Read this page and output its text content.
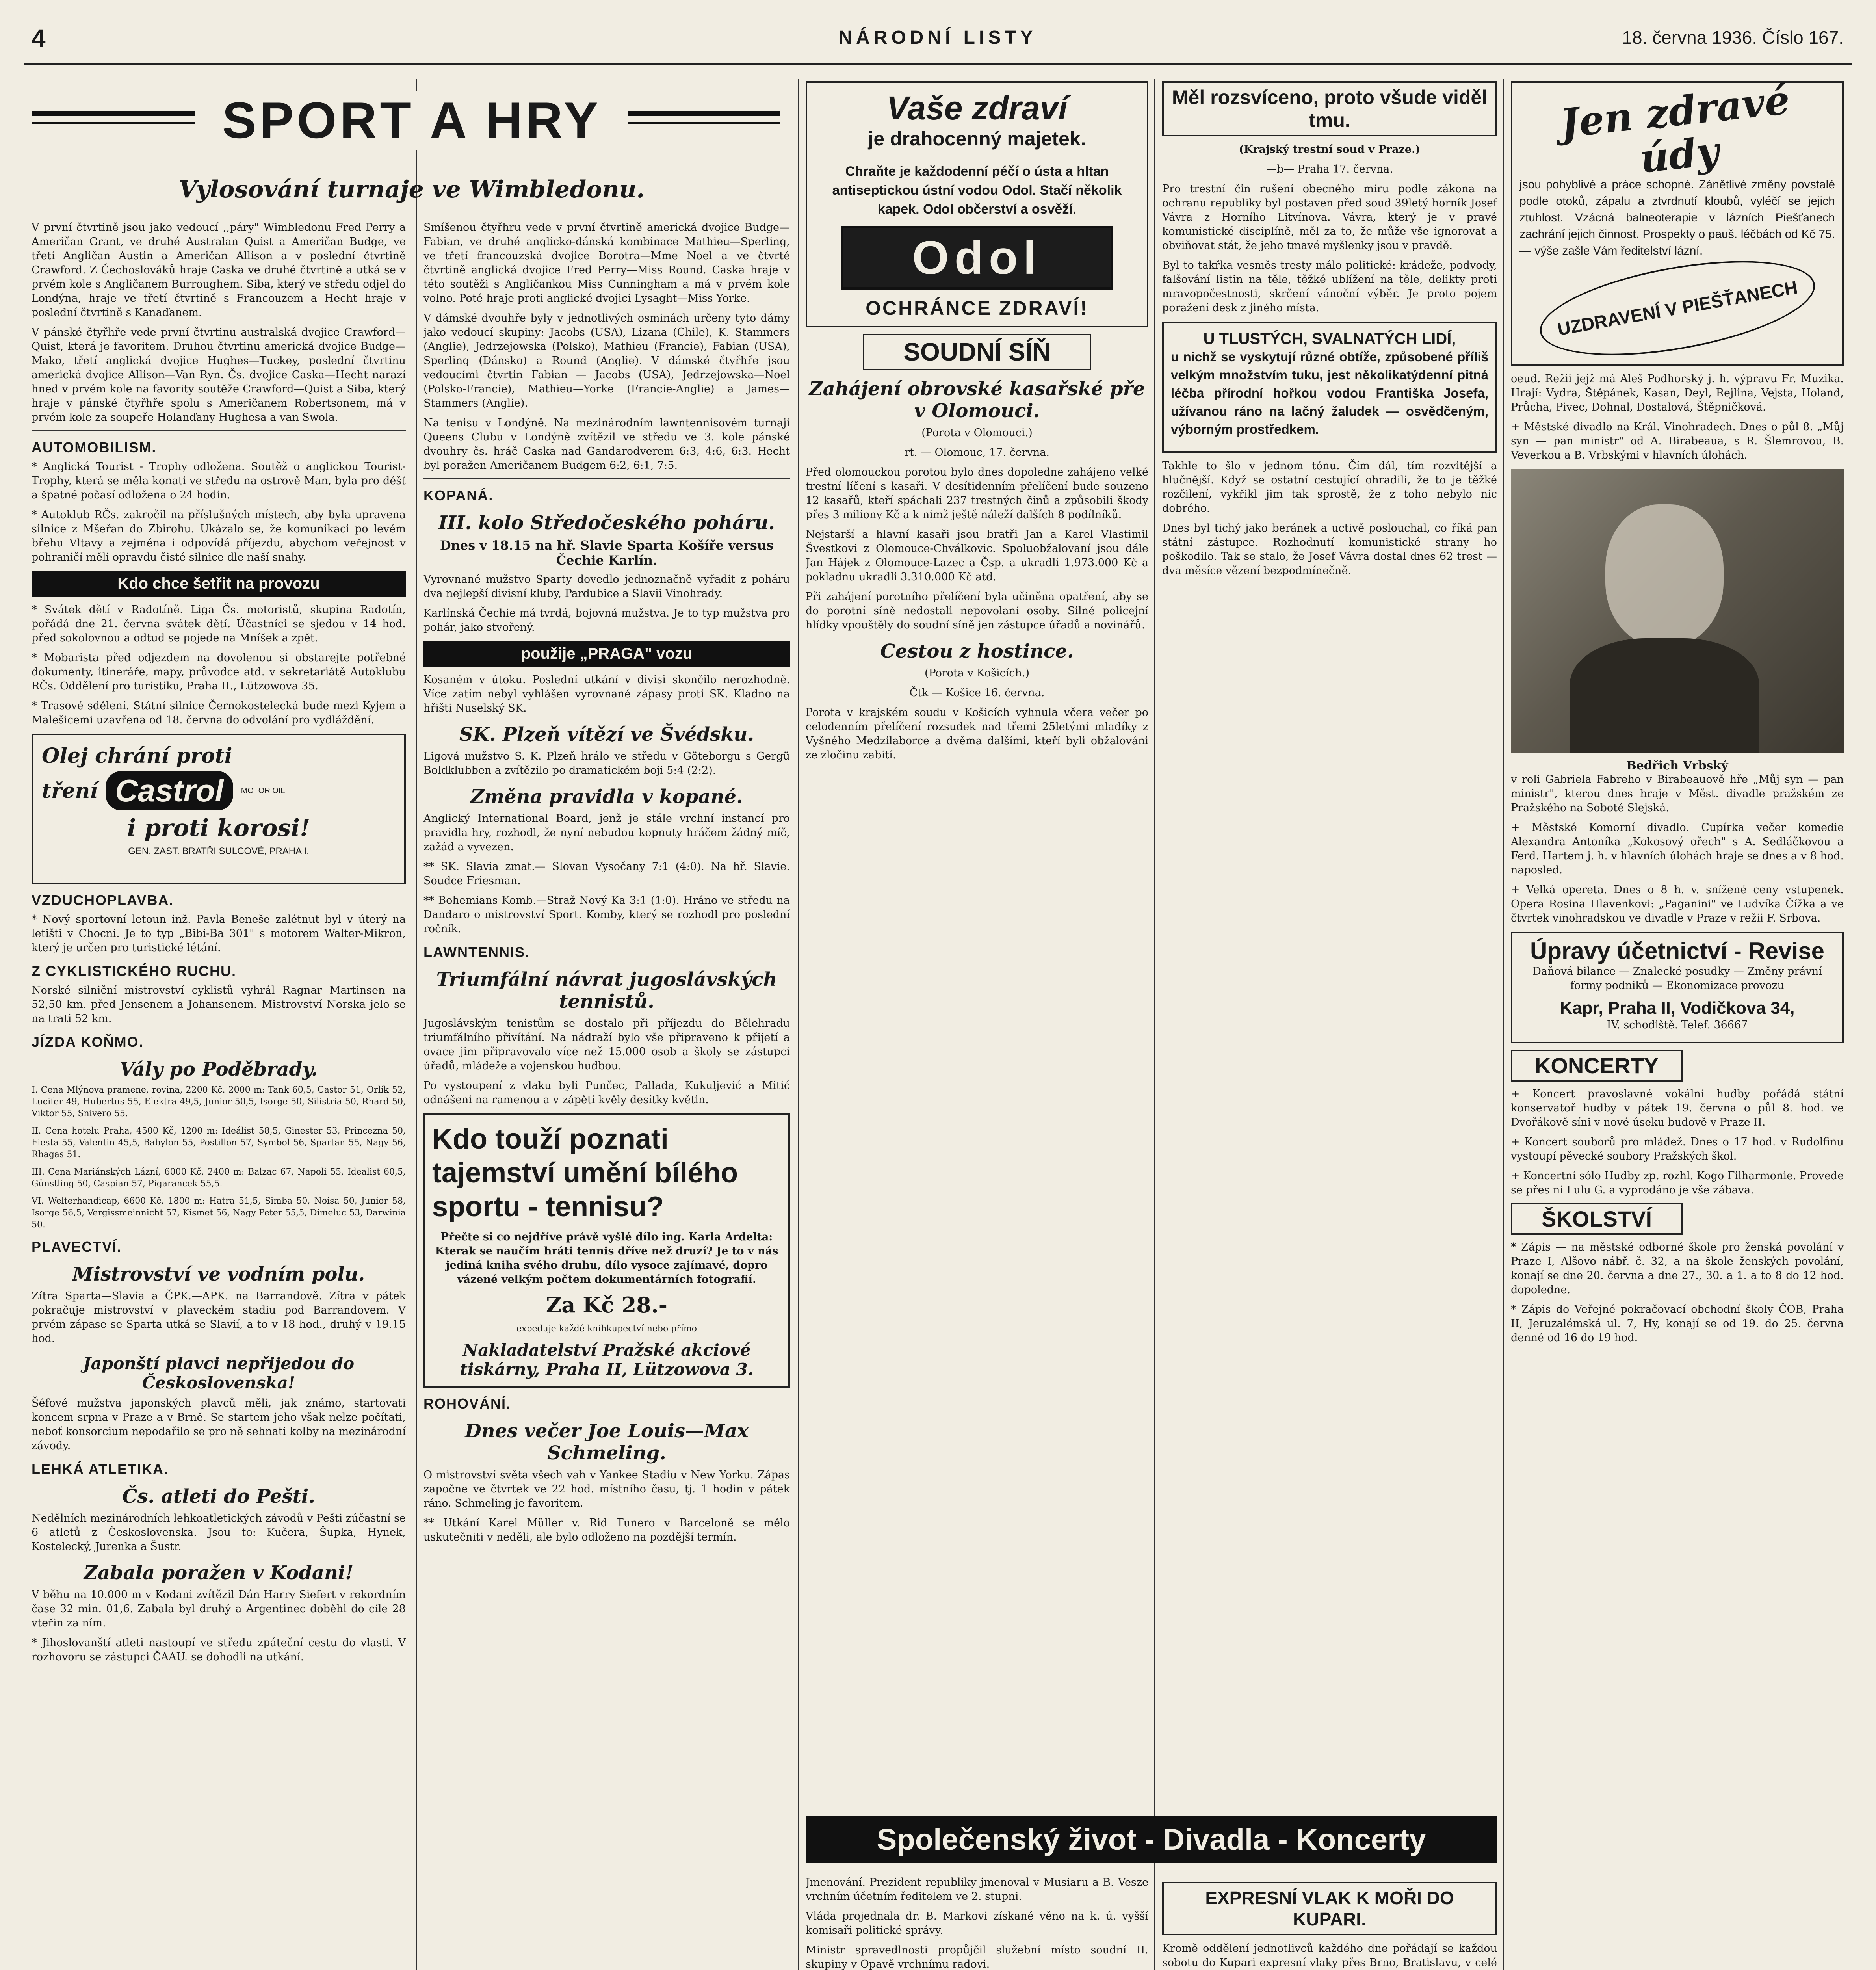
4	NÁRODNÍ LISTY	18. června 1936. Číslo 167.
SPORT A HRY
Vylosování turnaje ve Wimbledonu.

V první čtvrtině jsou jako vedoucí ,,páry" Wimbledonu Fred Perry a Američan Grant, ve druhé Australan Quist a Američan Budge, ve třetí Angličan Austin a Američan Allison a v poslední čtvrtině Crawford. Z Čechoslováků hraje Caska ve druhé čtvrtině a utká se v prvém kole s Angličanem Burroughem. Siba, který ve středu odjel do Londýna, hraje ve třetí čtvrtině s Francouzem a Hecht hraje v poslední čtvrtině s Kanaďanem.

V pánské čtyřhře vede první čtvrtinu australská dvojice Crawford—Quist, která je favoritem. Druhou čtvrtinu americká dvojice Budge—Mako, třetí anglická dvojice Hughes—Tuckey, poslední čtvrtinu americká dvojice Allison—Van Ryn. Čs. dvojice Caska—Hecht narazí hned v prvém kole na favority soutěže Crawford—Quist a Siba, který hraje v pánské čtyřhře spolu s Američanem Robertsonem, má v prvém kole za soupeře Holanďany Hughesa a van Swola.

AUTOMOBILISM.

* Anglická Tourist - Trophy odložena. Soutěž o anglickou Tourist-Trophy, která se měla konati ve středu na ostrově Man, byla pro déšť a špatné počasí odložena o 24 hodin.

* Autoklub RČs. zakročil na příslušných místech, aby byla upravena silnice z Mšeřan do Zbirohu. Ukázalo se, že komunikaci po levém břehu Vltavy a zejména i odpovídá příjezdu, abychom veřejnost v pohraničí měli opravdu čisté silnice dle naší snahy.

Kdo chce šetřit na provozu

* Svátek dětí v Radotíně. Liga Čs. motoristů, skupina Radotín, pořádá dne 21. června svátek dětí. Účastníci se sjedou v 14 hod. před sokolovnou a odtud se pojede na Mníšek a zpět.

* Mobarista před odjezdem na dovolenou si obstarejte potřebné dokumenty, itineráře, mapy, průvodce atd. v sekretariátě Autoklubu RČs. Oddělení pro turistiku, Praha II., Lützowova 35.

* Trasové sdělení. Státní silnice Černokostelecká bude mezi Kyjem a Malešicemi uzavřena od 18. června do odvolání pro vydláždění.

Olej chrání proti
tření Castrol	MOTOR OIL
i proti korosi!
GEN. ZAST. BRATŘI SULCOVÉ, PRAHA I.
VZDUCHOPLAVBA.

* Nový sportovní letoun inž. Pavla Beneše zalétnut byl v úterý na letišti v Chocni. Je to typ „Bibi-Ba 301" s motorem Walter-Mikron, který je určen pro turistické létání.

Z CYKLISTICKÉHO RUCHU.

Norské silniční mistrovství cyklistů vyhrál Ragnar Martinsen na 52,50 km. před Jensenem a Johansenem. Mistrovství Norska jelo se na trati 52 km.

JÍZDA KOŇMO.
Vály po Poděbrady.

I. Cena Mlýnova pramene, rovina, 2200 Kč. 2000 m: Tank 60,5, Castor 51, Orlík 52, Lucifer 49, Hubertus 55, Elektra 49,5, Junior 50,5, Isorge 50, Silistria 50, Rhard 50, Viktor 55, Snivero 55.

II. Cena hotelu Praha, 4500 Kč, 1200 m: Ideálist 58,5, Ginester 53, Princezna 50, Fiesta 55, Valentin 45,5, Babylon 55, Postillon 57, Symbol 56, Spartan 55, Nagy 56, Rhagas 51.

III. Cena Mariánských Lázní, 6000 Kč, 2400 m: Balzac 67, Napoli 55, Idealist 60,5, Günstling 50, Caspian 57, Pigarancek 55,5.

VI. Welterhandicap, 6600 Kč, 1800 m: Hatra 51,5, Simba 50, Noisa 50, Junior 58, Isorge 56,5, Vergissmeinnicht 57, Kismet 56, Nagy Peter 55,5, Dimeluc 53, Darwinia 50.

PLAVECTVÍ.
Mistrovství ve vodním polu.

Zítra Sparta—Slavia a ČPK.—APK. na Barrandově. Zítra v pátek pokračuje mistrovství v plaveckém stadiu pod Barrandovem. V prvém zápase se Sparta utká se Slavií, a to v 18 hod., druhý v 19.15 hod.

Japonští plavci nepřijedou do Československa!

Šéfové mužstva japonských plavců měli, jak známo, startovati koncem srpna v Praze a v Brně. Se startem jeho však nelze počítati, neboť konsorcium nepodařilo se pro ně sehnati kolby na mezinárodní závody.

LEHKÁ ATLETIKA.
Čs. atleti do Pešti.

Nedělních mezinárodních lehkoatletických závodů v Pešti zúčastní se 6 atletů z Československa. Jsou to: Kučera, Šupka, Hynek, Kostelecký, Jurenka a Šustr.

Zabala poražen v Kodani!

V běhu na 10.000 m v Kodani zvítězil Dán Harry Siefert v rekordním čase 32 min. 01,6. Zabala byl druhý a Argentinec doběhl do cíle 28 vteřin za ním.

* Jihoslovanští atleti nastoupí ve středu zpáteční cestu do vlasti. V rozhovoru se zástupci ČAAU. se dohodli na utkání.

Smíšenou čtyřhru vede v první čtvrtině americká dvojice Budge—Fabian, ve druhé anglicko-dánská kombinace Mathieu—Sperling, ve třetí francouzská dvojice Borotra—Mme Noel a ve čtvrté čtvrtině anglická dvojice Fred Perry—Miss Round. Caska hraje v této soutěži s Angličankou Miss Cunningham a má v prvém kole volno. Poté hraje proti anglické dvojici Lysaght—Miss Yorke.

V dámské dvouhře byly v jednotlivých osminách určeny tyto dámy jako vedoucí skupiny: Jacobs (USA), Lizana (Chile), K. Stammers (Anglie), Jedrzejowska (Polsko), Mathieu (Francie), Fabian (USA), Sperling (Dánsko) a Round (Anglie). V dámské čtyřhře jsou vedoucími čtvrtin Fabian — Jacobs (USA), Jedrzejowska—Noel (Polsko-Francie), Mathieu—Yorke (Francie-Anglie) a James—Stammers (Anglie).

Na tenisu v Londýně. Na mezinárodním lawntennisovém turnaji Queens Clubu v Londýně zvítězil ve středu ve 3. kole pánské dvouhry čs. hráč Caska nad Gandarodverem 6:3, 4:6, 6:3. Hecht byl poražen Američanem Budgem 6:2, 6:1, 7:5.

KOPANÁ.
III. kolo Středočeského poháru.
Dnes v 18.15 na hř. Slavie Sparta Košíře versus Čechie Karlín.

Vyrovnané mužstvo Sparty dovedlo jednoznačně vyřadit z poháru dva nejlepší divisní kluby, Pardubice a Slavii Vinohrady.

Karlínská Čechie má tvrdá, bojovná mužstva. Je to typ mužstva pro pohár, jako stvořený.

použije „PRAGA" vozu

Kosaném v útoku. Poslední utkání v divisi skončilo nerozhodně. Více zatím nebyl vyhlášen vyrovnané zápasy proti SK. Kladno na hřišti Nuselský SK.

SK. Plzeň vítězí ve Švédsku.

Ligová mužstvo S. K. Plzeň hrálo ve středu v Göteborgu s Gergü Boldklubben a zvítězilo po dramatickém boji 5:4 (2:2).

Změna pravidla v kopané.

Anglický International Board, jenž je stále vrchní instancí pro pravidla hry, rozhodl, že nyní nebudou kopnuty hráčem žádný míč, zažád a vyvezen.

** SK. Slavia zmat.— Slovan Vysočany 7:1 (4:0). Na hř. Slavie. Soudce Friesman.

** Bohemians Komb.—Straž Nový Ka 3:1 (1:0). Hráno ve středu na Dandaro o mistrovství Sport. Komby, který se rozhodl pro poslední ročník.

LAWNTENNIS.
Triumfální návrat jugoslávských tennistů.

Jugoslávským tenistům se dostalo při příjezdu do Bělehradu triumfálního přivítání. Na nádraží bylo vše připraveno k přijetí a ovace jim připravovalo více než 15.000 osob a školy se zástupci úřadů, mládeže a vojenskou hudbou.

Po vystoupení z vlaku byli Punčec, Pallada, Kukuljević a Mitić odnášeni na ramenou a v zápětí kvěly desítky květin.

Kdo touží poznati tajemství umění bílého sportu - tennisu?

Přečte si co nejdříve právě vyšlé dílo ing. Karla Ardelta: Kterak se naučím hráti tennis dříve než druzí? Je to v nás jediná kniha svého druhu, dílo vysoce zajímavé, dopro vázené velkým počtem dokumentárních fotografií.

Za Kč 28.-
expeduje každé knihkupectví nebo přímo
Nakladatelství Pražské akciové tiskárny, Praha II, Lützowova 3.
ROHOVÁNÍ.
Dnes večer Joe Louis—Max Schmeling.

O mistrovství světa všech vah v Yankee Stadiu v New Yorku. Zápas započne ve čtvrtek ve 22 hod. místního času, tj. 1 hodin v pátek ráno. Schmeling je favoritem.

** Utkání Karel Müller v. Rid Tunero v Barceloně se mělo uskutečniti v neděli, ale bylo odloženo na pozdější termín.

Vaše zdraví
je drahocenný majetek.

Chraňte je každodenní péčí o ústa a hltan antiseptickou ústní vodou Odol. Stačí několik kapek. Odol občerství a osvěží.

Odol
OCHRÁNCE ZDRAVÍ!
SOUDNÍ SÍŇ
Zahájení obrovské kasařské pře v Olomouci.
(Porota v Olomouci.)
rt. — Olomouc, 17. června.

Před olomouckou porotou bylo dnes dopoledne zahájeno velké trestní líčení s kasaři. V desítidenním přelíčení bude souzeno 12 kasařů, kteří spáchali 237 trestných činů a způsobili škody přes 3 miliony Kč a k nimž ještě náleží dalších 8 podílníků.

Nejstarší a hlavní kasaři jsou bratři Jan a Karel Vlastimil Švestkovi z Olomouce-Chválkovic. Spoluobžalovaní jsou dále Jan Hájek z Olomouce-Lazec a Čsp. a ukradli 1.973.000 Kč a pokladnu ukradli 3.310.000 Kč atd.

Při zahájení porotního přelíčení byla učiněna opatření, aby se do porotní síně nedostali nepovolaní osoby. Silné policejní hlídky vpouštěly do soudní síně jen zástupce úřadů a novinářů.

Cestou z hostince.
(Porota v Košicích.)
Čtk — Košice 16. června.

Porota v krajském soudu v Košicích vyhnula včera večer po celodenním přelíčení rozsudek nad třemi 25letými mladíky z Vyšného Medzilaborce a dvěma dalšími, kteří byli obžalováni ze zločinu zabití.

Měl rozsvíceno, proto všude viděl tmu.
(Krajský trestní soud v Praze.)
—b— Praha 17. června.

Pro trestní čin rušení obecného míru podle zákona na ochranu republiky byl postaven před soud 39letý horník Josef Vávra z Horního Litvínova. Vávra, který je v pravé komunistické disciplíně, měl za to, že může vše ignorovat a obviňovat stát, že jeho tmavé myšlenky jsou v pravdě.

Byl to takřka vesměs tresty málo politické: krádeže, podvody, falšování listin na těle, těžké ublížení na těle, delikty proti mravopočestnosti, skrčení vánoční výběr. Je proto pojem poražení desk z jiného místa.

U TLUSTÝCH, SVALNATÝCH LIDÍ,

u nichž se vyskytují různé obtíže, způsobené příliš velkým množstvím tuku, jest několikatýdenní pitná léčba přírodní hořkou vodou Františka Josefa, užívanou ráno na lačný žaludek — osvědčeným, výborným prostředkem.

Takhle to šlo v jednom tónu. Čím dál, tím rozvitější a hlučnější. Když se ostatní cestující ohradili, že to je těžké rozčilení, vykřikl jim tak sprostě, že z toho nebylo nic dobrého.

Dnes byl tichý jako beránek a uctivě poslouchal, co říká pan státní zástupce. Rozhodnutí komunistické strany ho poškodilo. Tak se stalo, že Josef Vávra dostal dnes 62 trest — dva měsíce vězení bezpodmínečně.

Jen zdravé údy

jsou pohyblivé a práce schopné. Zánětlivé změny povstalé podle otoků, zápalu a ztvrdnutí kloubů, vyléčí se jejich ztuhlost. Vzácná balneoterapie v lázních Piešťanech zachrání jejich činnost. Prospekty o pauš. léčbách od Kč 75.— výše zašle Vám ředitelství lázní.

UZDRAVENÍ V PIEŠŤANECH

oeud. Režii jejž má Aleš Podhorský j. h. výpravu Fr. Muzika. Hrají: Vydra, Štěpánek, Kasan, Deyl, Rejlina, Vejsta, Holand, Průcha, Pivec, Dohnal, Dostalová, Štěpničková.

+ Městské divadlo na Král. Vinohradech. Dnes o půl 8. „Můj syn — pan ministr" od A. Birabeaua, s R. Šlemrovou, B. Veverkou a B. Vrbskými v hlavních úlohách.

Bedřich Vrbský

v roli Gabriela Fabreho v Birabeauově hře „Můj syn — pan ministr", kterou dnes hraje v Měst. divadle pražském ze Pražského na Soboté Slejská.

+ Městské Komorní divadlo. Cupírka večer komedie Alexandra Antoníka „Kokosový ořech" s A. Sedláčkovou a Ferd. Hartem j. h. v hlavních úlohách hraje se dnes a v 8 hod. naposled.

+ Velká opereta. Dnes o 8 h. v. snížené ceny vstupenek. Opera Rosina Hlavenkovi: „Paganini" ve Ludvíka Čížka a ve čtvrtek vinohradskou ve divadle v Praze v režii F. Srbova.

Úpravy účetnictví - Revise
Daňová bilance — Znalecké posudky — Změny právní formy podniků — Ekonomizace provozu
Kapr, Praha II, Vodičkova 34,
IV. schodiště. Telef. 36667
KONCERTY

+ Koncert pravoslavné vokální hudby pořádá státní konservatoř hudby v pátek 19. června o půl 8. hod. ve Dvořákově síni v nové úseku budově v Praze II.

+ Koncert souborů pro mládež. Dnes o 17 hod. v Rudolfinu vystoupí pěvecké soubory Pražských škol.

+ Koncertní sólo Hudby zp. rozhl. Kogo Filharmonie. Provede se přes ni Lulu G. a vyprodáno je vše zábava.

ŠKOLSTVÍ

* Zápis — na městské odborné škole pro ženská povolání v Praze I, Alšovo nábř. č. 32, a na škole ženských povolání, konají se dne 20. června a dne 27., 30. a 1. a to 8 do 12 hod. dopoledne.

* Zápis do Veřejné pokračovací obchodní školy ČOB, Praha II, Jeruzalémská ul. 7, Hy, konají se od 19. do 25. června denně od 16 do 19 hod.

Společenský život - Divadla - Koncerty

Jmenování. Prezident republiky jmenoval v Musiaru a B. Vesze vrchním účetním ředitelem ve 2. stupni.

Vláda projednala dr. B. Markovi získané věno na k. ú. vyšší komisaři politické správy.

Ministr spravedlnosti propůjčil služební místo soudní II. skupiny v Opavě vrchnímu radovi.

EXPRESNÍ VLAK K MOŘI DO KUPARI.

Kromě oddělení jednotlivců každého dne pořádají se každou sobotu do Kupari expresní vlaky přes Brno, Bratislavu, v celé
